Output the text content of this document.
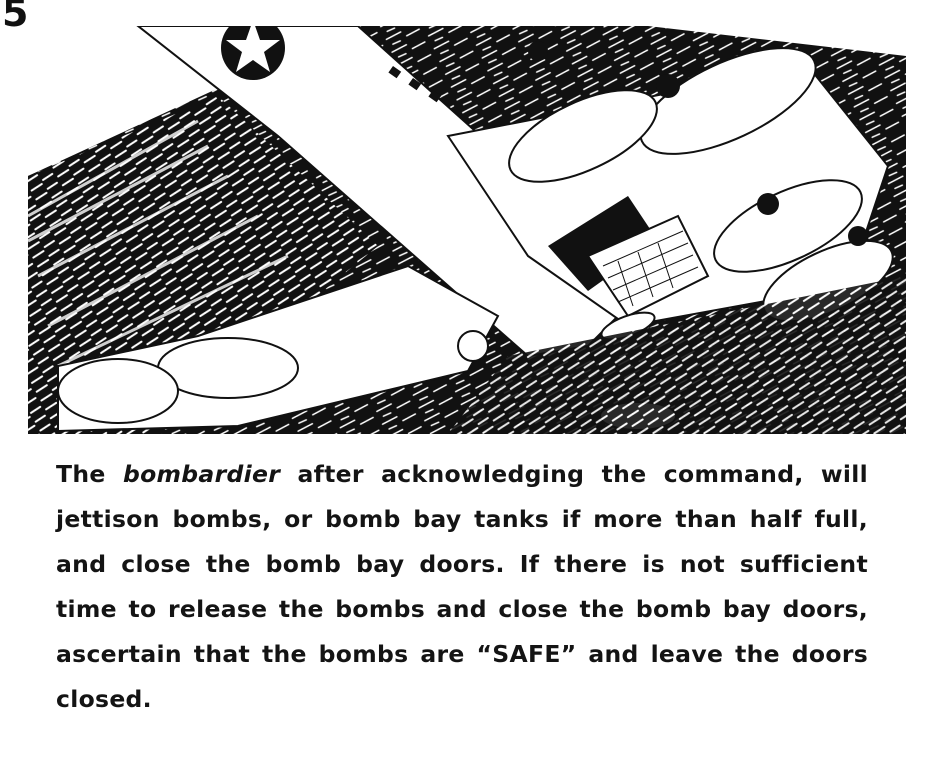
5
The bombardier after acknowledging the command, will jettison bombs, or bomb bay tanks if more than half full, and close the bomb bay doors. If there is not sufficient time to release the bombs and close the bomb bay doors, ascertain that the bombs are “SAFE” and leave the doors closed.
